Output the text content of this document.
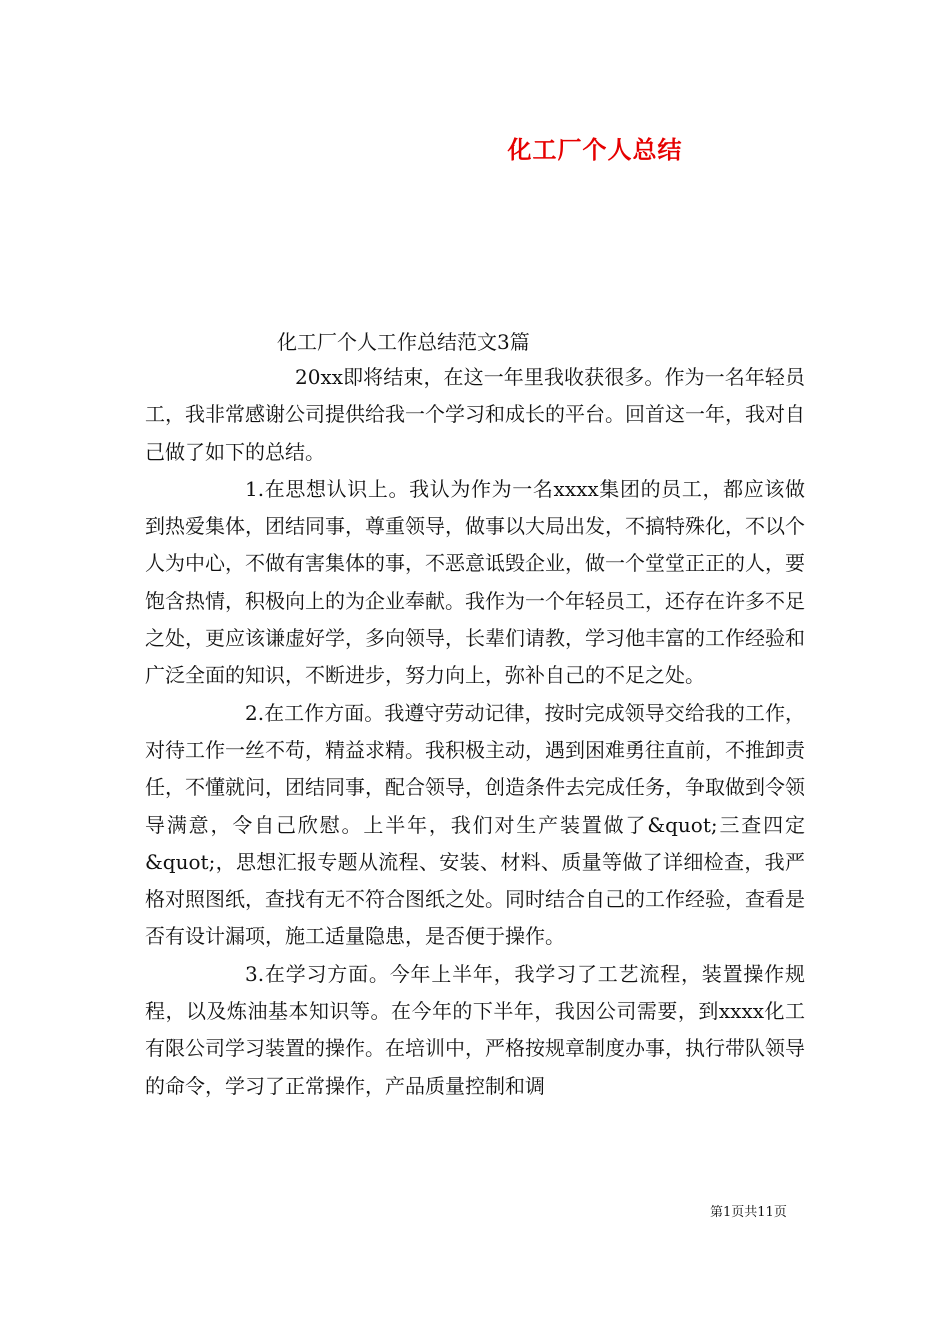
化工厂个人总结
化工厂个人工作总结范文3篇

20xx即将结束，在这一年里我收获很多。作为一名年轻员工，我非常感谢公司提供给我一个学习和成长的平台。回首这一年，我对自己做了如下的总结。

1.在思想认识上。我认为作为一名xxxx集团的员工，都应该做到热爱集体，团结同事，尊重领导，做事以大局出发，不搞特殊化，不以个人为中心，不做有害集体的事，不恶意诋毁企业，做一个堂堂正正的人，要饱含热情，积极向上的为企业奉献。我作为一个年轻员工，还存在许多不足之处，更应该谦虚好学，多向领导，长辈们请教，学习他丰富的工作经验和广泛全面的知识，不断进步，努力向上，弥补自己的不足之处。

2.在工作方面。我遵守劳动记律，按时完成领导交给我的工作，对待工作一丝不苟，精益求精。我积极主动，遇到困难勇往直前，不推卸责任，不懂就问，团结同事，配合领导，创造条件去完成任务，争取做到令领导满意，令自己欣慰。上半年，我们对生产装置做了&quot;三查四定&quot;，思想汇报专题从流程、安装、材料、质量等做了详细检查，我严格对照图纸，查找有无不符合图纸之处。同时结合自己的工作经验，查看是否有设计漏项，施工适量隐患，是否便于操作。

3.在学习方面。今年上半年，我学习了工艺流程，装置操作规程，以及炼油基本知识等。在今年的下半年，我因公司需要，到xxxx化工有限公司学习装置的操作。在培训中，严格按规章制度办事，执行带队领导的命令，学习了正常操作，产品质量控制和调

第1页共11页
